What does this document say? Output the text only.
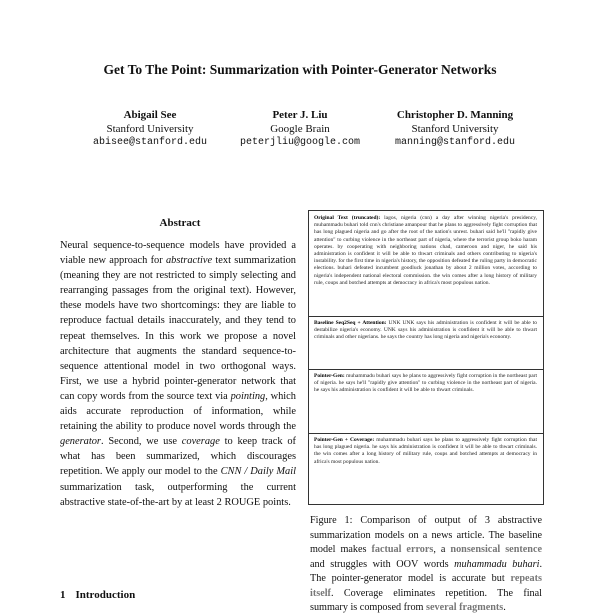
Get To The Point: Summarization with Pointer-Generator Networks
Abigail See
Stanford University
abisee@stanford.edu
Peter J. Liu
Google Brain
peterjliu@google.com
Christopher D. Manning
Stanford University
manning@stanford.edu
Abstract
Neural sequence-to-sequence models have provided a viable new approach for abstractive text summarization (meaning they are not restricted to simply selecting and rearranging passages from the original text). However, these models have two shortcomings: they are liable to reproduce factual details inaccurately, and they tend to repeat themselves. In this work we propose a novel architecture that augments the standard sequence-to-sequence attentional model in two orthogonal ways. First, we use a hybrid pointer-generator network that can copy words from the source text via pointing, which aids accurate reproduction of information, while retaining the ability to produce novel words through the generator. Second, we use coverage to keep track of what has been summarized, which discourages repetition. We apply our model to the CNN / Daily Mail summarization task, outperforming the current abstractive state-of-the-art by at least 2 ROUGE points.
1 Introduction
Original Text (truncated): lagos, nigeria (cnn) a day after winning nigeria's presidency, muhammadu buhari told cnn's christiane amanpour that he plans to aggressively fight corruption that has long plagued nigeria and go after the root of the nation's unrest. buhari said he'll "rapidly give attention" to curbing violence in the northeast part of nigeria, where the terrorist group boko haram operates. by cooperating with neighboring nations chad, cameroon and niger, he said his administration is confident it will be able to thwart criminals and others contributing to nigeria's instability. for the first time in nigeria's history, the opposition defeated the ruling party in democratic elections. buhari defeated incumbent goodluck jonathan by about 2 million votes, according to nigeria's independent national electoral commission. the win comes after a long history of military rule, coups and botched attempts at democracy in africa's most populous nation.
Baseline Seq2Seq + Attention: UNK UNK says his administration is confident it will be able to destabilize nigeria's economy. UNK says his administration is confident it will be able to thwart criminals and other nigerians. he says the country has long nigeria and nigeria's economy.
Pointer-Gen: muhammadu buhari says he plans to aggressively fight corruption in the northeast part of nigeria. he says he'll "rapidly give attention" to curbing violence in the northeast part of nigeria. he says his administration is confident it will be able to thwart criminals.
Pointer-Gen + Coverage: muhammadu buhari says he plans to aggressively fight corruption that has long plagued nigeria. he says his administration is confident it will be able to thwart criminals. the win comes after a long history of military rule, coups and botched attempts at democracy in africa's most populous nation.
Figure 1: Comparison of output of 3 abstractive summarization models on a news article. The baseline model makes factual errors, a nonsensical sentence and struggles with OOV words muhammadu buhari. The pointer-generator model is accurate but repeats itself. Coverage eliminates repetition. The final summary is composed from several fragments.
